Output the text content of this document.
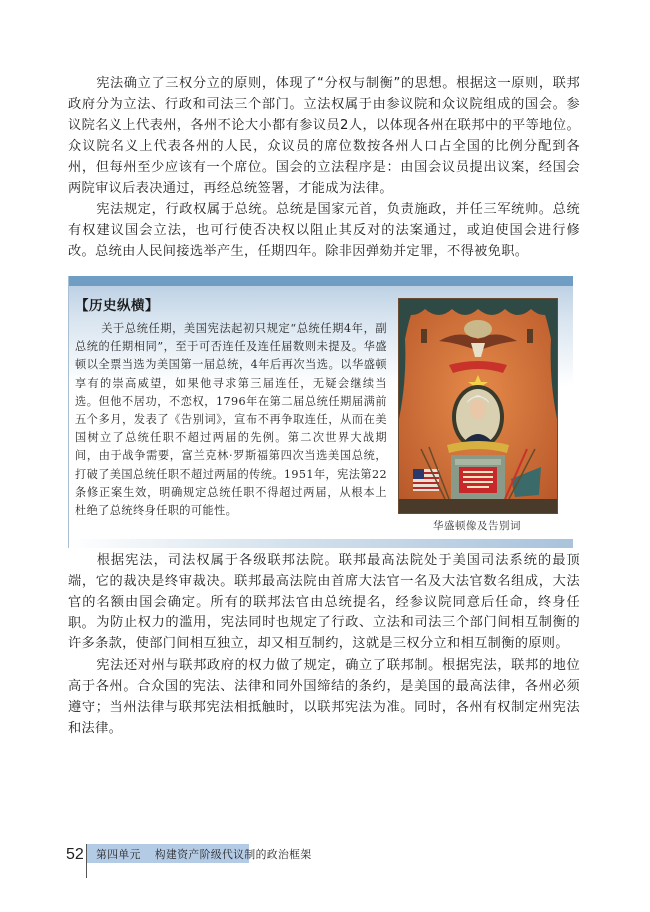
宪法确立了三权分立的原则，体现了“分权与制衡”的思想。根据这一原则，联邦政府分为立法、行政和司法三个部门。立法权属于由参议院和众议院组成的国会。参议院名义上代表州，各州不论大小都有参议员2人，以体现各州在联邦中的平等地位。众议院名义上代表各州的人民，众议员的席位数按各州人口占全国的比例分配到各州，但每州至少应该有一个席位。国会的立法程序是：由国会议员提出议案，经国会两院审议后表决通过，再经总统签署，才能成为法律。

宪法规定，行政权属于总统。总统是国家元首，负责施政，并任三军统帅。总统有权建议国会立法，也可行使否决权以阻止其反对的法案通过，或迫使国会进行修改。总统由人民间接选举产生，任期四年。除非因弹劾并定罪，不得被免职。

【历史纵横】

关于总统任期，美国宪法起初只规定“总统任期4年，副总统的任期相同”，至于可否连任及连任届数则未提及。华盛顿以全票当选为美国第一届总统，4年后再次当选。以华盛顿享有的崇高威望，如果他寻求第三届连任，无疑会继续当选。但他不居功，不恋权，1796年在第二届总统任期届满前五个多月，发表了《告别词》，宣布不再争取连任，从而在美国树立了总统任职不超过两届的先例。第二次世界大战期间，由于战争需要，富兰克林·罗斯福第四次当选美国总统，打破了美国总统任职不超过两届的传统。1951年，宪法第22条修正案生效，明确规定总统任职不得超过两届，从根本上杜绝了总统终身任职的可能性。

华盛顿像及告别词

根据宪法，司法权属于各级联邦法院。联邦最高法院处于美国司法系统的最顶端，它的裁决是终审裁决。联邦最高法院由首席大法官一名及大法官数名组成，大法官的名额由国会确定。所有的联邦法官由总统提名，经参议院同意后任命，终身任职。 为防止权力的滥用，宪法同时也规定了行政、立法和司法三个部门间相互制衡的许多条款，使部门间相互独立，却又相互制约，这就是三权分立和相互制衡的原则。

宪法还对州与联邦政府的权力做了规定，确立了联邦制。根据宪法，联邦的地位高于各州。合众国的宪法、法律和同外国缔结的条约，是美国的最高法律，各州必须遵守；当州法律与联邦宪法相抵触时，以联邦宪法为准。同时，各州有权制定州宪法和法律。

52 第四单元 构建资产阶级代议制的政治框架
